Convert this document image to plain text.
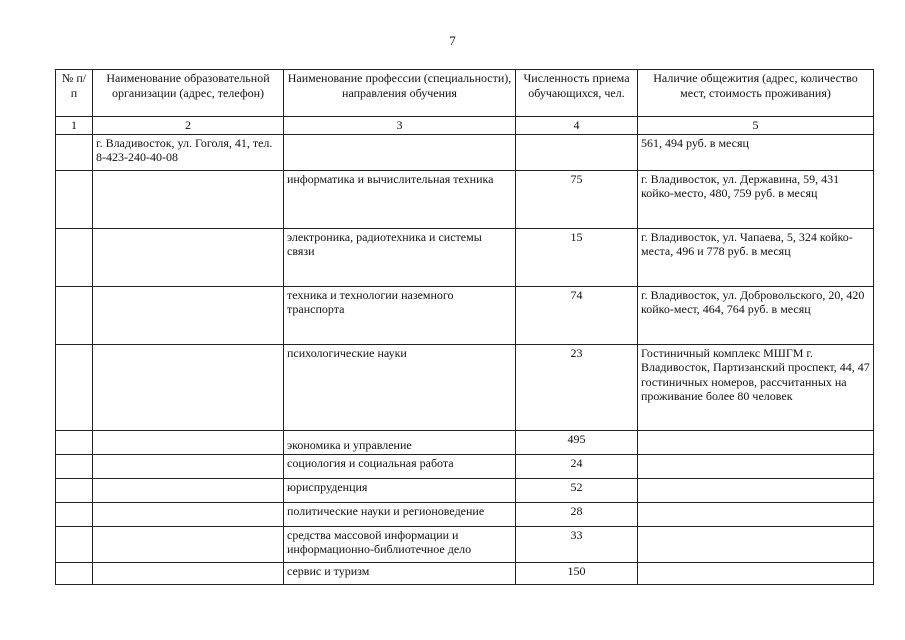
7
№ п/п	Наименование образовательной организации (адрес, телефон)	Наименование профессии (специальности), направления обучения	Численность приема обучающихся, чел.	Наличие общежития (адрес, количество мест, стоимость проживания)
1	2	3	4	5
	г. Владивосток, ул. Гоголя, 41, тел. 8-423-240-40-08			561, 494 руб. в месяц
		информатика и вычислительная техника	75	г. Владивосток, ул. Державина, 59, 431 койко-место, 480, 759 руб. в месяц
		электроника, радиотехника и системы связи	15	г. Владивосток, ул. Чапаева, 5, 324 койко-места, 496 и 778 руб. в месяц
		техника и технологии наземного транспорта	74	г. Владивосток, ул. Добровольского, 20, 420 койко-мест, 464, 764 руб. в месяц
		психологические науки	23	Гостиничный комплекс МШГМ г. Владивосток, Партизанский проспект, 44, 47 гостиничных номеров, рассчитанных на проживание более 80 человек
		экономика и управление	495	
		социология и социальная работа	24	
		юриспруденция	52	
		политические науки и регионоведение	28	
		средства массовой информации и информационно-библиотечное дело	33	
		сервис и туризм	150	
